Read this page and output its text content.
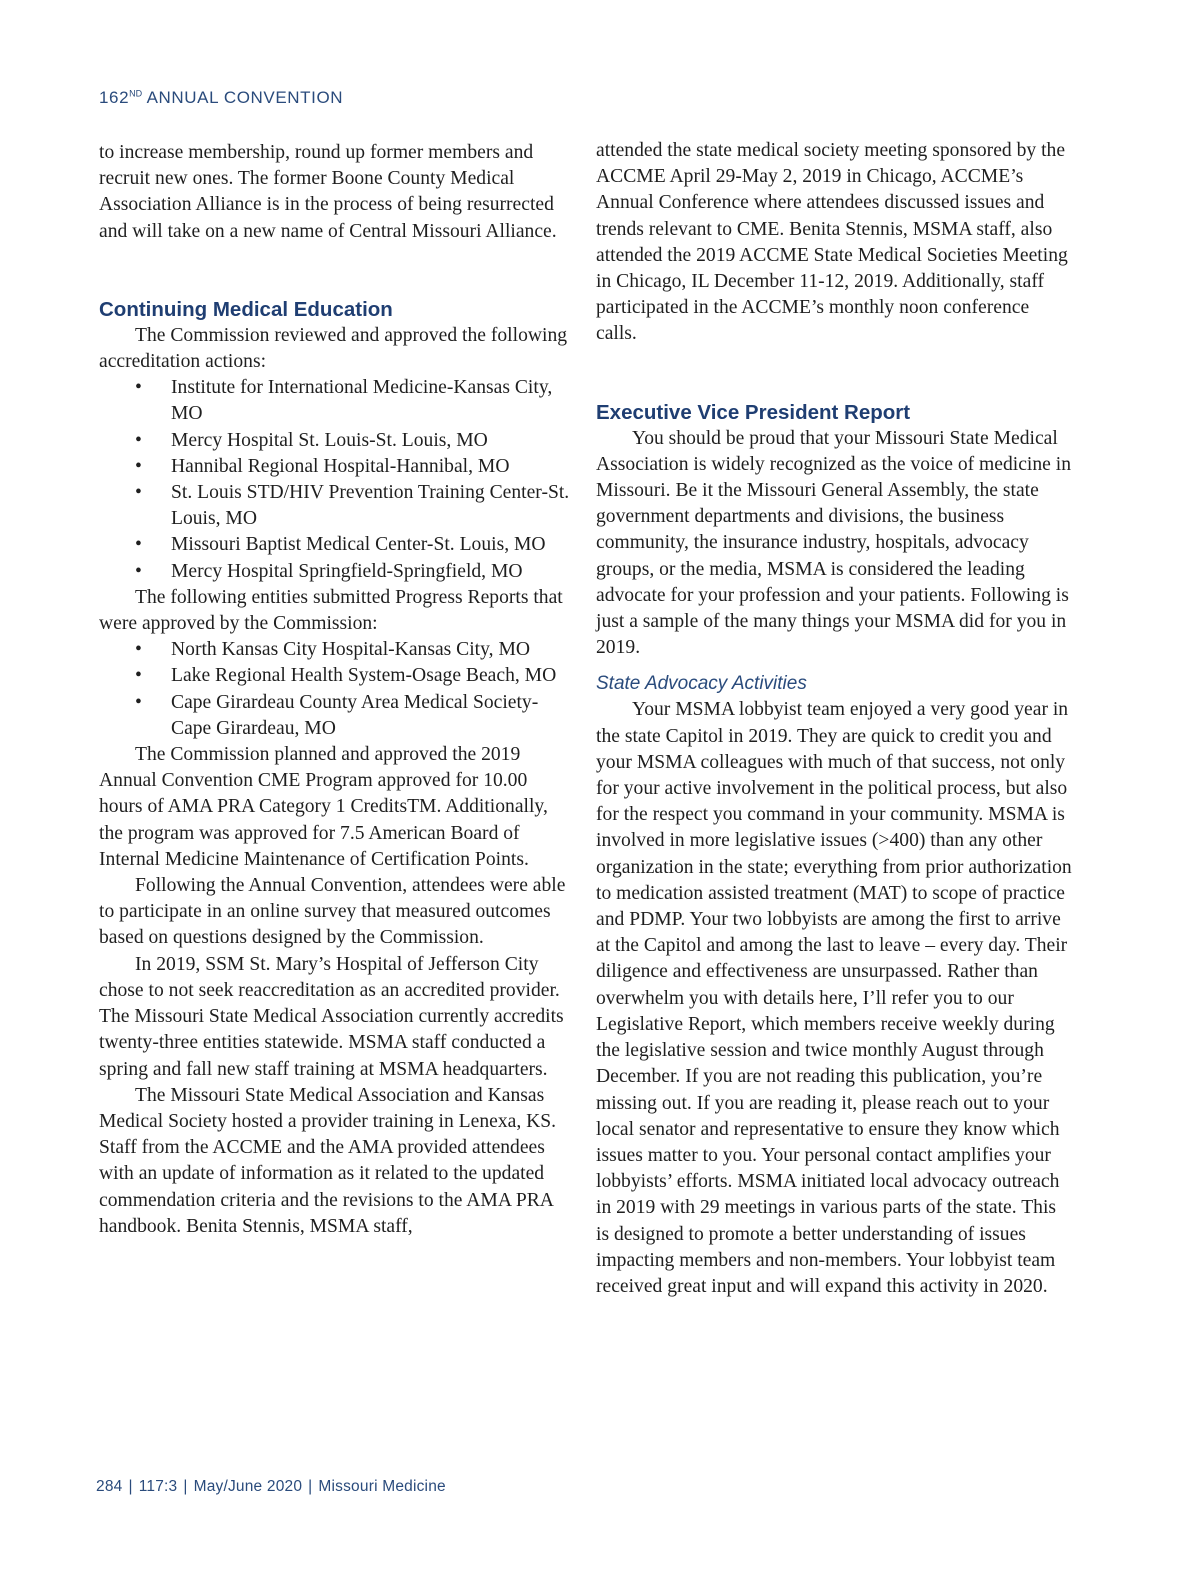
162ND ANNUAL CONVENTION

to increase membership, round up former members and recruit new ones. The former Boone County Medical Association Alliance is in the process of being resurrected and will take on a new name of Central Missouri Alliance.

Continuing Medical Education

The Commission reviewed and approved the following accreditation actions:

• Institute for International Medicine-Kansas City, MO
• Mercy Hospital St. Louis-St. Louis, MO
• Hannibal Regional Hospital-Hannibal, MO
• St. Louis STD/HIV Prevention Training Center-St. Louis, MO
• Missouri Baptist Medical Center-St. Louis, MO
• Mercy Hospital Springfield-Springfield, MO

The following entities submitted Progress Reports that were approved by the Commission:

• North Kansas City Hospital-Kansas City, MO
• Lake Regional Health System-Osage Beach, MO
• Cape Girardeau County Area Medical Society-Cape Girardeau, MO

The Commission planned and approved the 2019 Annual Convention CME Program approved for 10.00 hours of AMA PRA Category 1 CreditsTM. Additionally, the program was approved for 7.5 American Board of Internal Medicine Maintenance of Certification Points.

Following the Annual Convention, attendees were able to participate in an online survey that measured outcomes based on questions designed by the Commission.

In 2019, SSM St. Mary’s Hospital of Jefferson City chose to not seek reaccreditation as an accredited provider. The Missouri State Medical Association currently accredits twenty-three entities statewide. MSMA staff conducted a spring and fall new staff training at MSMA headquarters.

The Missouri State Medical Association and Kansas Medical Society hosted a provider training in Lenexa, KS. Staff from the ACCME and the AMA provided attendees with an update of information as it related to the updated commendation criteria and the revisions to the AMA PRA handbook. Benita Stennis, MSMA staff,

attended the state medical society meeting sponsored by the ACCME April 29-May 2, 2019 in Chicago, ACCME’s Annual Conference where attendees discussed issues and trends relevant to CME. Benita Stennis, MSMA staff, also attended the 2019 ACCME State Medical Societies Meeting in Chicago, IL December 11-12, 2019. Additionally, staff participated in the ACCME’s monthly noon conference calls.

Executive Vice President Report

You should be proud that your Missouri State Medical Association is widely recognized as the voice of medicine in Missouri. Be it the Missouri General Assembly, the state government departments and divisions, the business community, the insurance industry, hospitals, advocacy groups, or the media, MSMA is considered the leading advocate for your profession and your patients. Following is just a sample of the many things your MSMA did for you in 2019.

State Advocacy Activities

Your MSMA lobbyist team enjoyed a very good year in the state Capitol in 2019. They are quick to credit you and your MSMA colleagues with much of that success, not only for your active involvement in the political process, but also for the respect you command in your community. MSMA is involved in more legislative issues (>400) than any other organization in the state; everything from prior authorization to medication assisted treatment (MAT) to scope of practice and PDMP. Your two lobbyists are among the first to arrive at the Capitol and among the last to leave – every day. Their diligence and effectiveness are unsurpassed. Rather than overwhelm you with details here, I’ll refer you to our Legislative Report, which members receive weekly during the legislative session and twice monthly August through December. If you are not reading this publication, you’re missing out. If you are reading it, please reach out to your local senator and representative to ensure they know which issues matter to you. Your personal contact amplifies your lobbyists’ efforts. MSMA initiated local advocacy outreach in 2019 with 29 meetings in various parts of the state. This is designed to promote a better understanding of issues impacting members and non-members. Your lobbyist team received great input and will expand this activity in 2020.

284 | 117:3 | May/June 2020 | Missouri Medicine
